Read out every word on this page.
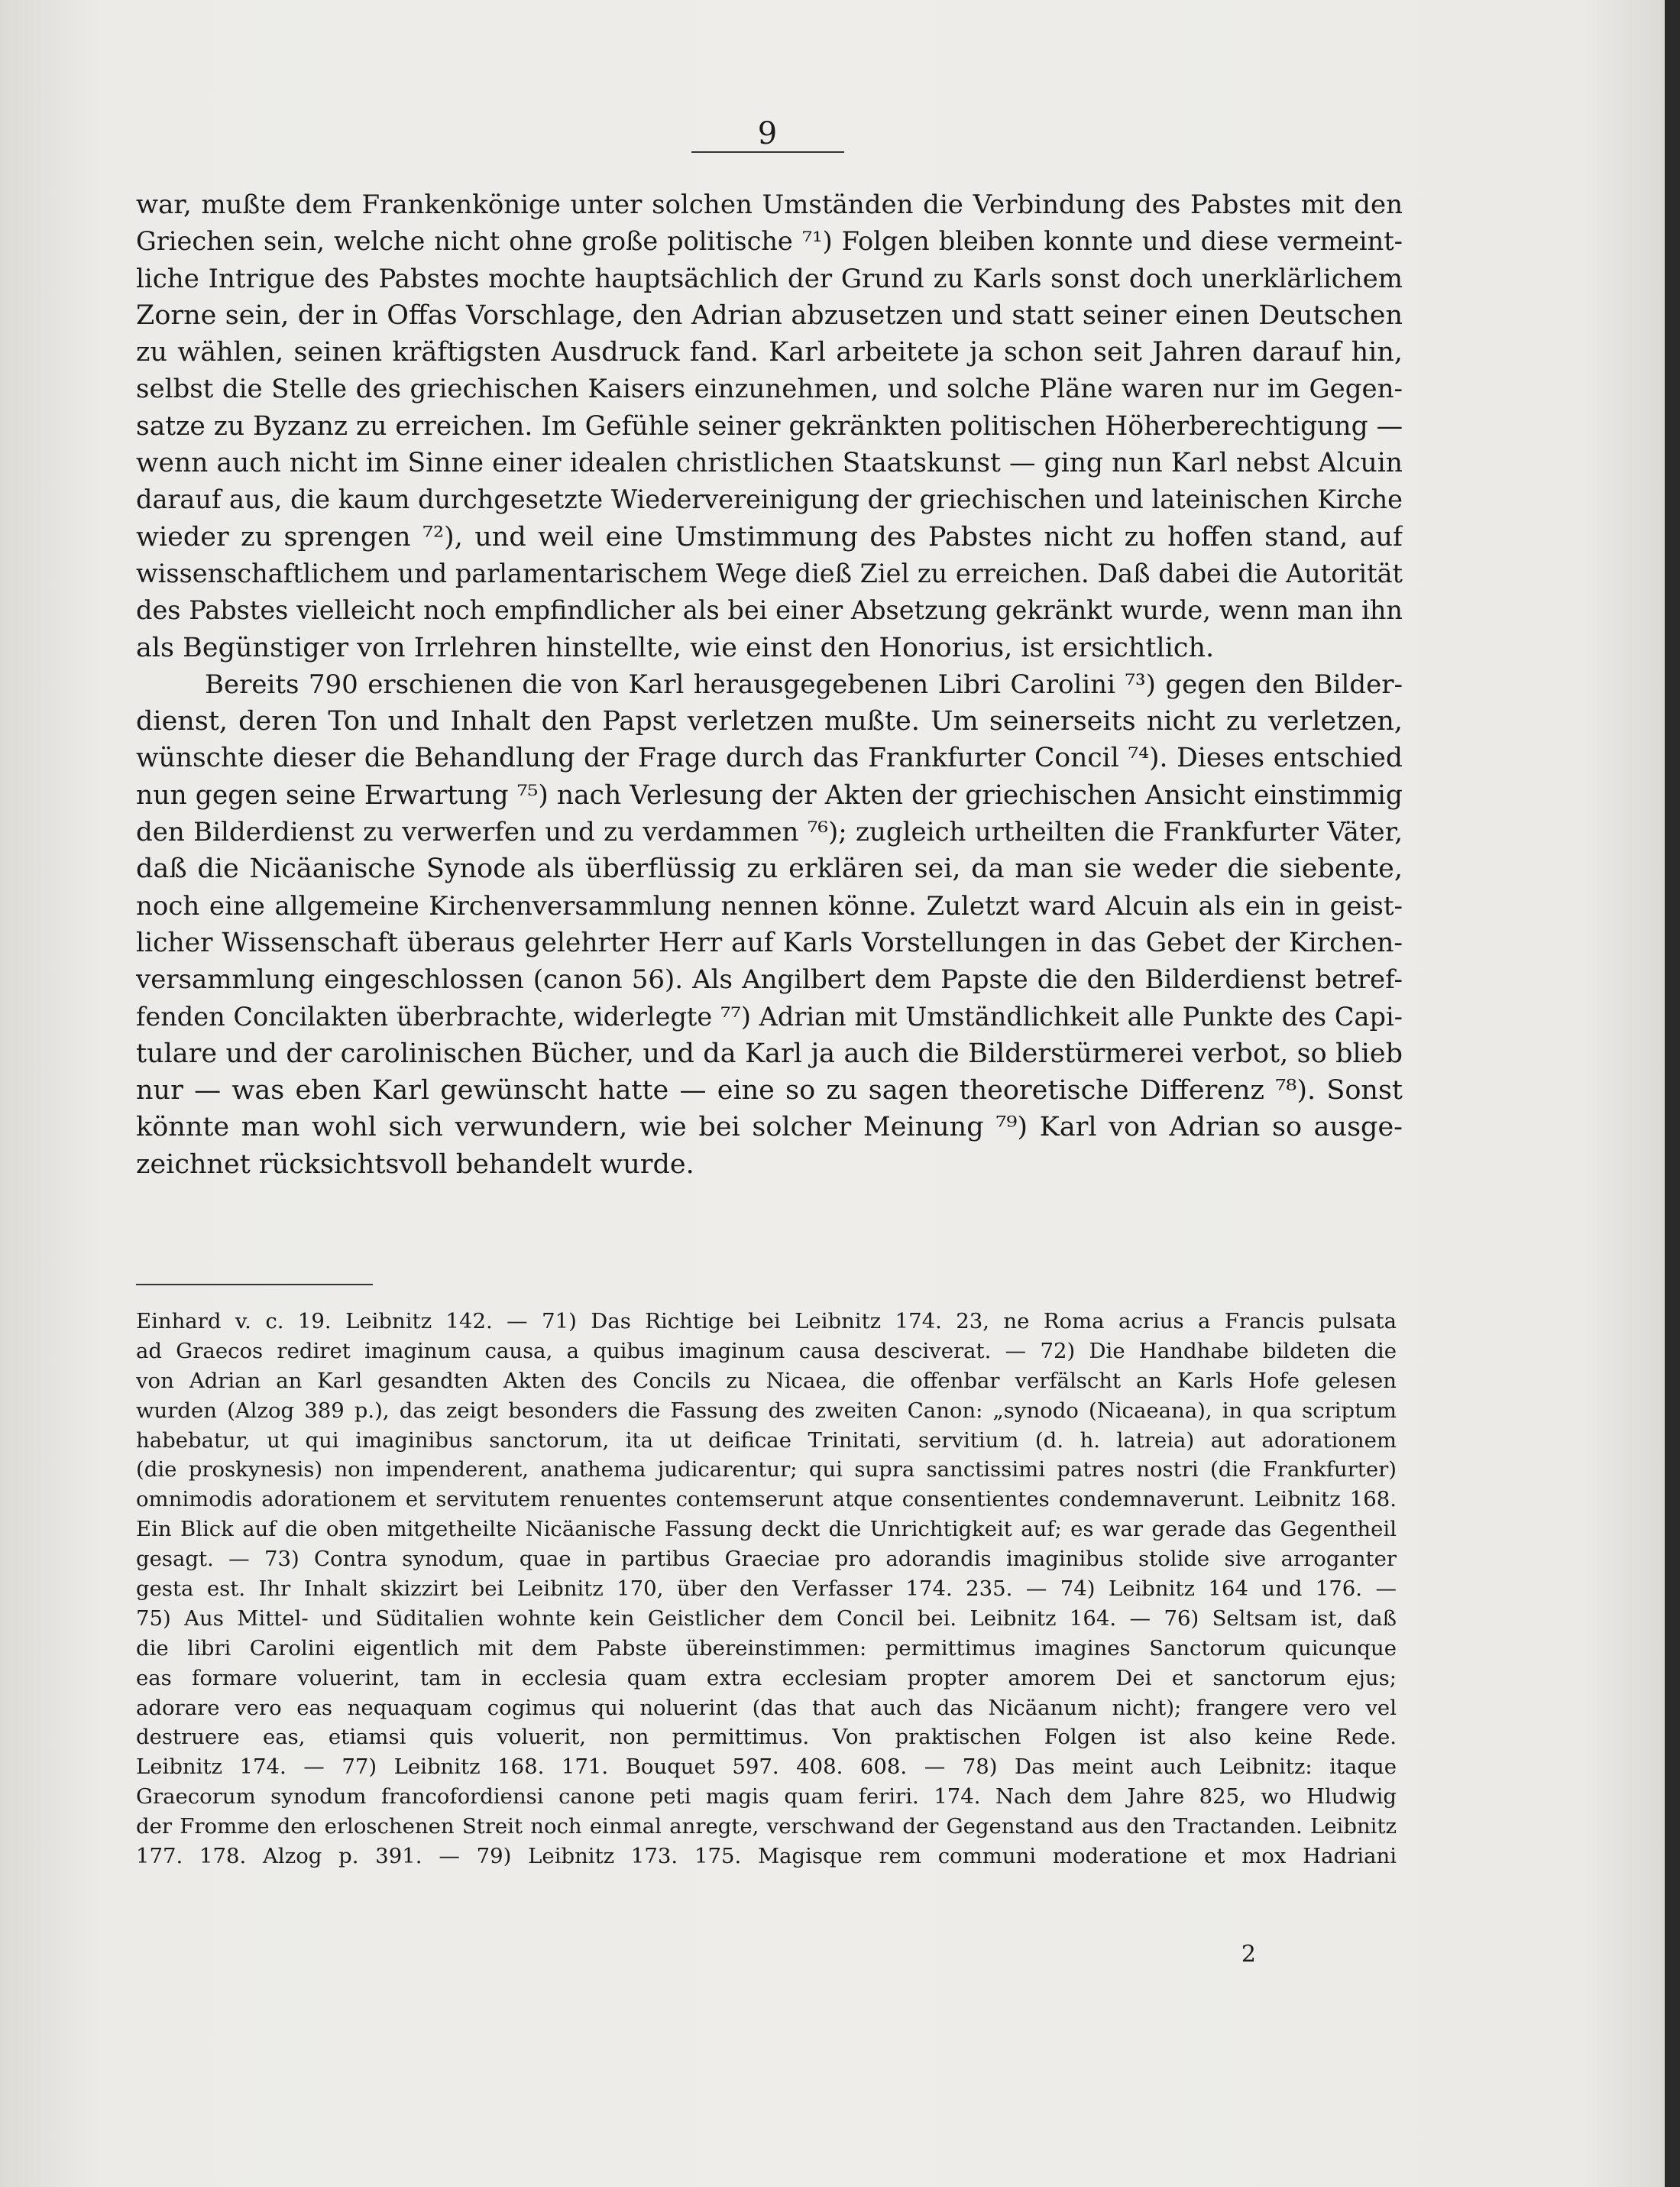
9
war, mußte dem Frankenkönige unter solchen Umständen die Verbindung des Pabstes mit den
Griechen sein, welche nicht ohne große politische ⁷¹) Folgen bleiben konnte und diese vermeint-
liche Intrigue des Pabstes mochte hauptsächlich der Grund zu Karls sonst doch unerklärlichem
Zorne sein, der in Offas Vorschlage, den Adrian abzusetzen und statt seiner einen Deutschen
zu wählen, seinen kräftigsten Ausdruck fand. Karl arbeitete ja schon seit Jahren darauf hin,
selbst die Stelle des griechischen Kaisers einzunehmen, und solche Pläne waren nur im Gegen-
satze zu Byzanz zu erreichen. Im Gefühle seiner gekränkten politischen Höherberechtigung —
wenn auch nicht im Sinne einer idealen christlichen Staatskunst — ging nun Karl nebst Alcuin
darauf aus, die kaum durchgesetzte Wiedervereinigung der griechischen und lateinischen Kirche
wieder zu sprengen ⁷²), und weil eine Umstimmung des Pabstes nicht zu hoffen stand, auf
wissenschaftlichem und parlamentarischem Wege dieß Ziel zu erreichen. Daß dabei die Autorität
des Pabstes vielleicht noch empfindlicher als bei einer Absetzung gekränkt wurde, wenn man ihn
als Begünstiger von Irrlehren hinstellte, wie einst den Honorius, ist ersichtlich.
Bereits 790 erschienen die von Karl herausgegebenen Libri Carolini ⁷³) gegen den Bilder-
dienst, deren Ton und Inhalt den Papst verletzen mußte. Um seinerseits nicht zu verletzen,
wünschte dieser die Behandlung der Frage durch das Frankfurter Concil ⁷⁴). Dieses entschied
nun gegen seine Erwartung ⁷⁵) nach Verlesung der Akten der griechischen Ansicht einstimmig
den Bilderdienst zu verwerfen und zu verdammen ⁷⁶); zugleich urtheilten die Frankfurter Väter,
daß die Nicäanische Synode als überflüssig zu erklären sei, da man sie weder die siebente,
noch eine allgemeine Kirchenversammlung nennen könne. Zuletzt ward Alcuin als ein in geist-
licher Wissenschaft überaus gelehrter Herr auf Karls Vorstellungen in das Gebet der Kirchen-
versammlung eingeschlossen (canon 56). Als Angilbert dem Papste die den Bilderdienst betref-
fenden Concilakten überbrachte, widerlegte ⁷⁷) Adrian mit Umständlichkeit alle Punkte des Capi-
tulare und der carolinischen Bücher, und da Karl ja auch die Bilderstürmerei verbot, so blieb
nur — was eben Karl gewünscht hatte — eine so zu sagen theoretische Differenz ⁷⁸). Sonst
könnte man wohl sich verwundern, wie bei solcher Meinung ⁷⁹) Karl von Adrian so ausge-
zeichnet rücksichtsvoll behandelt wurde.
Einhard v. c. 19. Leibnitz 142. — 71) Das Richtige bei Leibnitz 174. 23, ne Roma acrius a Francis pulsata
ad Graecos rediret imaginum causa, a quibus imaginum causa desciverat. — 72) Die Handhabe bildeten die
von Adrian an Karl gesandten Akten des Concils zu Nicaea, die offenbar verfälscht an Karls Hofe gelesen
wurden (Alzog 389 p.), das zeigt besonders die Fassung des zweiten Canon: „synodo (Nicaeana), in qua scriptum
habebatur, ut qui imaginibus sanctorum, ita ut deificae Trinitati, servitium (d. h. latreia) aut adorationem
(die proskynesis) non impenderent, anathema judicarentur; qui supra sanctissimi patres nostri (die Frankfurter)
omnimodis adorationem et servitutem renuentes contemserunt atque consentientes condemnaverunt. Leibnitz 168.
Ein Blick auf die oben mitgetheilte Nicäanische Fassung deckt die Unrichtigkeit auf; es war gerade das Gegentheil
gesagt. — 73) Contra synodum, quae in partibus Graeciae pro adorandis imaginibus stolide sive arroganter
gesta est. Ihr Inhalt skizzirt bei Leibnitz 170, über den Verfasser 174. 235. — 74) Leibnitz 164 und 176. —
75) Aus Mittel- und Süditalien wohnte kein Geistlicher dem Concil bei. Leibnitz 164. — 76) Seltsam ist, daß
die libri Carolini eigentlich mit dem Pabste übereinstimmen: permittimus imagines Sanctorum quicunque
eas formare voluerint, tam in ecclesia quam extra ecclesiam propter amorem Dei et sanctorum ejus;
adorare vero eas nequaquam cogimus qui noluerint (das that auch das Nicäanum nicht); frangere vero vel
destruere eas, etiamsi quis voluerit, non permittimus. Von praktischen Folgen ist also keine Rede.
Leibnitz 174. — 77) Leibnitz 168. 171. Bouquet 597. 408. 608. — 78) Das meint auch Leibnitz: itaque
Graecorum synodum francofordiensi canone peti magis quam feriri. 174. Nach dem Jahre 825, wo Hludwig
der Fromme den erloschenen Streit noch einmal anregte, verschwand der Gegenstand aus den Tractanden. Leibnitz
177. 178. Alzog p. 391. — 79) Leibnitz 173. 175. Magisque rem communi moderatione et mox Hadriani
2
